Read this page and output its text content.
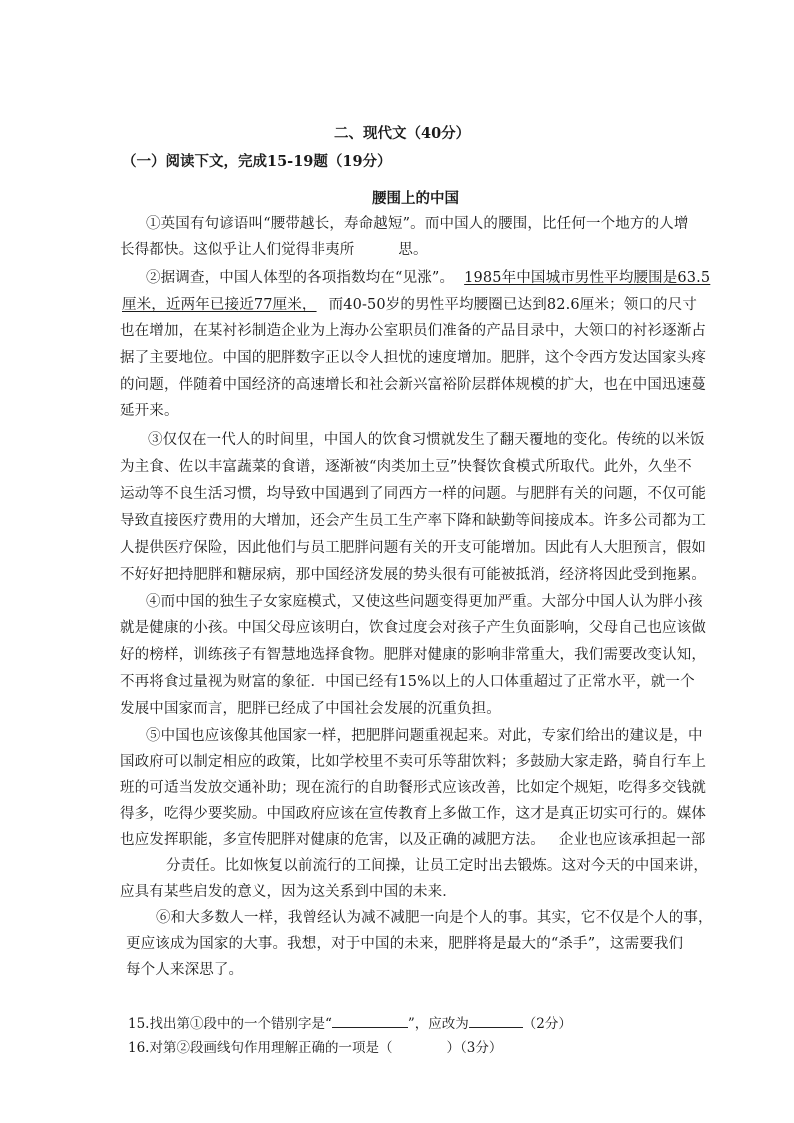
二、现代文（40分）
（一）阅读下文，完成15-19题（19分）
腰围上的中国
①英国有句谚语叫“腰带越长，寿命越短”。而中国人的腰围，比任何一个地方的人增
长得都快。这似乎让人们觉得非夷所	思。
②据调查，中国人体型的各项指数均在“见涨”。 1985年中国城市男性平均腰围是63.5
厘米，近两年已接近77厘米， 而40-50岁的男性平均腰圈已达到82.6厘米；领口的尺寸
也在增加，在某衬衫制造企业为上海办公室职员们准备的产品目录中，大领口的衬衫逐渐占
据了主要地位。中国的肥胖数字正以令人担忧的速度增加。肥胖，这个令西方发达国家头疼
的问题，伴随着中国经济的高速增长和社会新兴富裕阶层群体规模的扩大，也在中国迅速蔓
延开来。
③仅仅在一代人的时间里，中国人的饮食习惯就发生了翻天覆地的变化。传统的以米饭
为主食、佐以丰富蔬菜的食谱，逐渐被“肉类加土豆”快餐饮食模式所取代。此外，久坐不
运动等不良生活习惯，均导致中国遇到了同西方一样的问题。与肥胖有关的问题，不仅可能
导致直接医疗费用的大增加，还会产生员工生产率下降和缺勤等间接成本。许多公司都为工
人提供医疗保险，因此他们与员工肥胖问题有关的开支可能增加。因此有人大胆预言，假如
不好好把持肥胖和糖尿病，那中国经济发展的势头很有可能被抵消，经济将因此受到拖累。
④而中国的独生子女家庭模式，又使这些问题变得更加严重。大部分中国人认为胖小孩
就是健康的小孩。中国父母应该明白，饮食过度会对孩子产生负面影响，父母自己也应该做
好的榜样，训练孩子有智慧地选择食物。肥胖对健康的影响非常重大，我们需要改变认知，
不再将食过量视为财富的象征．中国已经有15%以上的人口体重超过了正常水平，就一个
发展中国家而言，肥胖已经成了中国社会发展的沉重负担。
⑤中国也应该像其他国家一样，把肥胖问题重视起来。对此，专家们给出的建议是，中
国政府可以制定相应的政策，比如学校里不卖可乐等甜饮料；多鼓励大家走路，骑自行车上
班的可适当发放交通补助；现在流行的自助餐形式应该改善，比如定个规矩，吃得多交钱就
得多，吃得少要奖励。中国政府应该在宣传教育上多做工作，这才是真正切实可行的。媒体
也应发挥职能，多宣传肥胖对健康的危害，以及正确的减肥方法。 企业也应该承担起一部
分责任。比如恢复以前流行的工间操，让员工定时出去锻炼。这对今天的中国来讲，
应具有某些启发的意义，因为这关系到中国的未来．
⑥和大多数人一样，我曾经认为减不减肥一向是个人的事。其实，它不仅是个人的事，
更应该成为国家的大事。我想，对于中国的未来，肥胖将是最大的“杀手”，这需要我们
每个人来深思了。
15.找出第①段中的一个错别字是“	”，应改为	（2分）
16.对第②段画线句作用理解正确的一项是（	）（3分）
